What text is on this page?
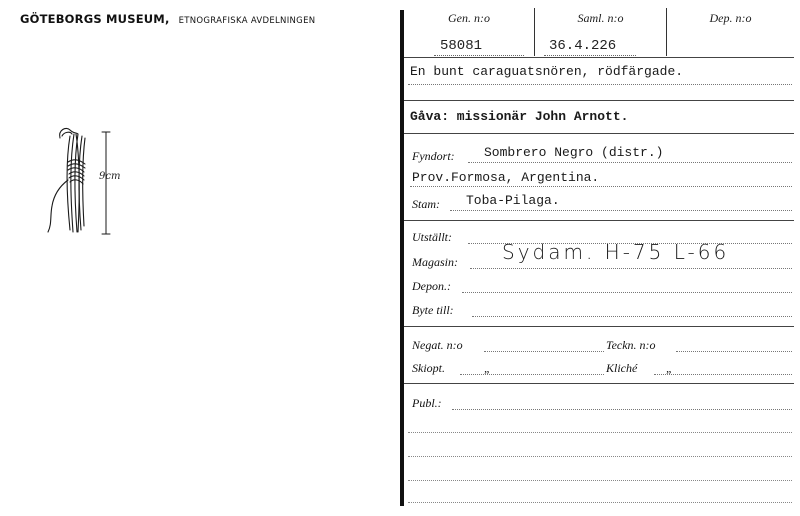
GÖTEBORGS MUSEUM, ETNOGRAFISKA AVDELNINGEN
9cm
Gen. n:o
58081
Saml. n:o
36.4.226
Dep. n:o
En bunt caraguatsnören, rödfärgade.
Gåva: missionär John Arnott.
Fyndort: Sombrero Negro (distr.)
Prov.Formosa, Argentina.
Stam: Toba-Pilaga.
Utställt:
Magasin: Sydam. H-75 L-66
Depon.:
Byte till:
Negat. n:o	Teckn. n:o
Skiopt.	„	Kliché „
Publ.:
